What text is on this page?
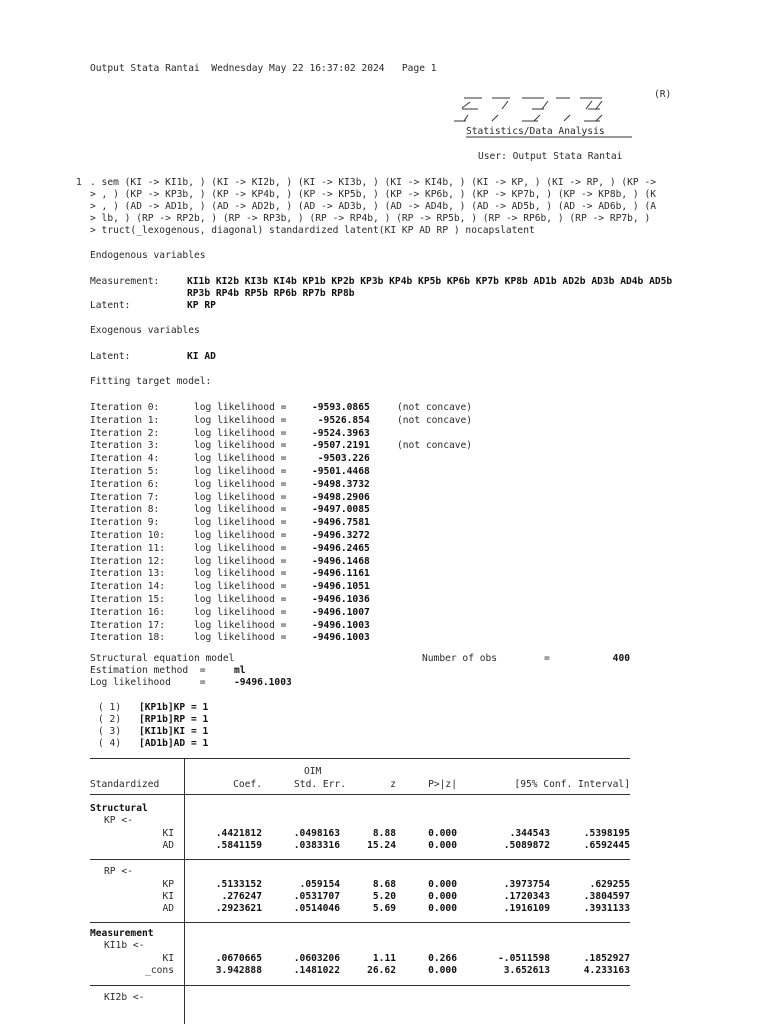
Output Stata Rantai  Wednesday May 22 16:37:02 2024   Page 1
(R)
Statistics/Data Analysis
User: Output Stata Rantai
1 . sem (KI -> KI1b, ) (KI -> KI2b, ) (KI -> KI3b, ) (KI -> KI4b, ) (KI -> KP, ) (KI -> RP, ) (KP ->
> , ) (KP -> KP3b, ) (KP -> KP4b, ) (KP -> KP5b, ) (KP -> KP6b, ) (KP -> KP7b, ) (KP -> KP8b, ) (K
> , ) (AD -> AD1b, ) (AD -> AD2b, ) (AD -> AD3b, ) (AD -> AD4b, ) (AD -> AD5b, ) (AD -> AD6b, ) (A
> lb, ) (RP -> RP2b, ) (RP -> RP3b, ) (RP -> RP4b, ) (RP -> RP5b, ) (RP -> RP6b, ) (RP -> RP7b, )
> truct(_lexogenous, diagonal) standardized latent(KI KP AD RP ) nocapslatent
Endogenous variables
Measurement:	KI1b KI2b KI3b KI4b KP1b KP2b KP3b KP4b KP5b KP6b KP7b KP8b AD1b AD2b AD3b AD4b AD5b
RP3b RP4b RP5b RP6b RP7b RP8b
Latent:	KP RP
Exogenous variables
Latent:	KI AD
Fitting target model:
Iteration 0:	log likelihood =	-9593.0865	(not concave)
Iteration 1:	log likelihood =	-9526.854	(not concave)
Iteration 2:	log likelihood =	-9524.3963
Iteration 3:	log likelihood =	-9507.2191	(not concave)
Iteration 4:	log likelihood =	-9503.226
Iteration 5:	log likelihood =	-9501.4468
Iteration 6:	log likelihood =	-9498.3732
Iteration 7:	log likelihood =	-9498.2906
Iteration 8:	log likelihood =	-9497.0085
Iteration 9:	log likelihood =	-9496.7581
Iteration 10:	log likelihood =	-9496.3272
Iteration 11:	log likelihood =	-9496.2465
Iteration 12:	log likelihood =	-9496.1468
Iteration 13:	log likelihood =	-9496.1161
Iteration 14:	log likelihood =	-9496.1051
Iteration 15:	log likelihood =	-9496.1036
Iteration 16:	log likelihood =	-9496.1007
Iteration 17:	log likelihood =	-9496.1003
Iteration 18:	log likelihood =	-9496.1003
Structural equation model	Number of obs	=	400
Estimation method  =	ml
Log likelihood     =	-9496.1003
( 1) [KP1b]KP = 1
( 2) [RP1b]RP = 1
( 3) [KI1b]KI = 1
( 4) [AD1b]AD = 1
OIM
Standardized	Coef.	Std. Err.	z	P>|z|	[95% Conf. Interval]
Structural
KP <-
KI	.4421812	.0498163	8.88	0.000	.344543	.5398195
AD	.5841159	.0383316	15.24	0.000	.5089872	.6592445
RP <-
KP	.5133152	.059154	8.68	0.000	.3973754	.629255
KI	.276247	.0531707	5.20	0.000	.1720343	.3804597
AD	.2923621	.0514046	5.69	0.000	.1916109	.3931133
Measurement
KI1b <-
KI	.0670665	.0603206	1.11	0.266	-.0511598	.1852927
_cons	3.942888	.1481022	26.62	0.000	3.652613	4.233163
KI2b <-
